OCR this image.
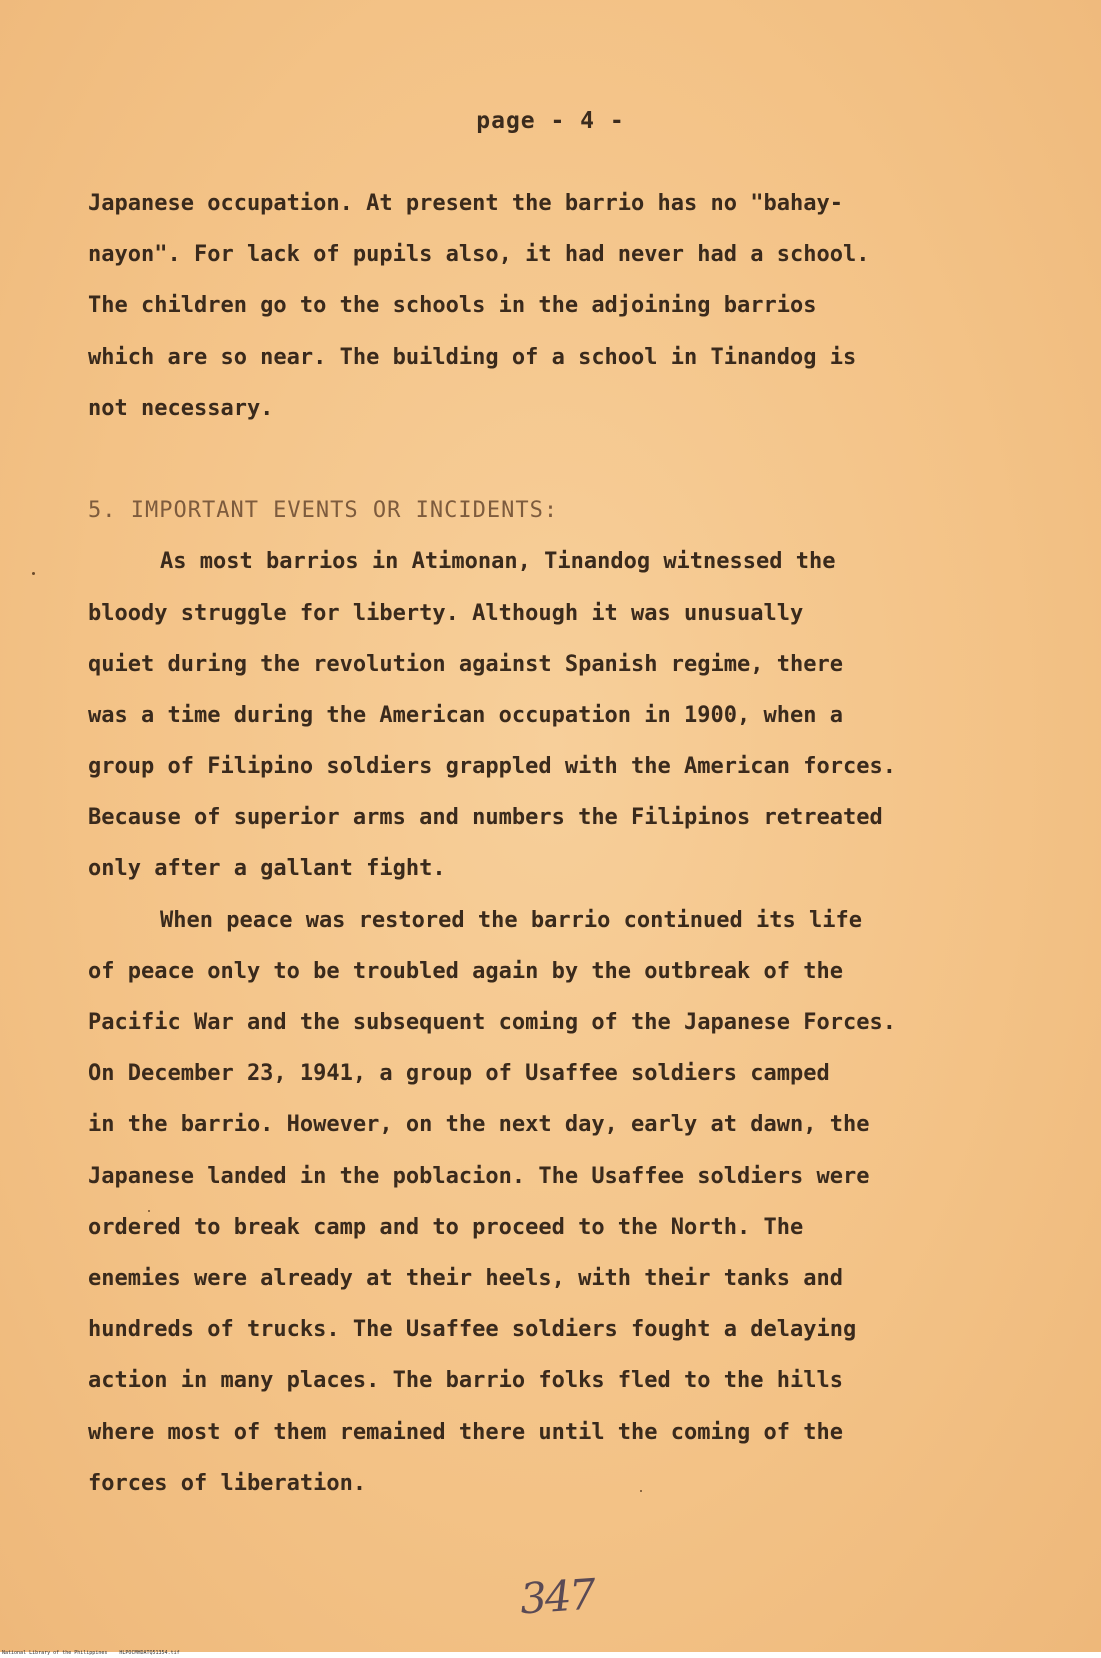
page - 4 -
Japanese occupation. At present the barrio has no "bahay-
nayon". For lack of pupils also, it had never had a school.
The children go to the schools in the adjoining barrios
which are so near. The building of a school in Tinandog is
not necessary.
5. IMPORTANT EVENTS OR INCIDENTS:
As most barrios in Atimonan, Tinandog witnessed the
bloody struggle for liberty. Although it was unusually
quiet during the revolution against Spanish regime, there
was a time during the American occupation in 1900, when a
group of Filipino soldiers grappled with the American forces.
Because of superior arms and numbers the Filipinos retreated
only after a gallant fight.
When peace was restored the barrio continued its life
of peace only to be troubled again by the outbreak of the
Pacific War and the subsequent coming of the Japanese Forces.
On December 23, 1941, a group of Usaffee soldiers camped
in the barrio. However, on the next day, early at dawn, the
Japanese landed in the poblacion. The Usaffee soldiers were
ordered to break camp and to proceed to the North. The
enemies were already at their heels, with their tanks and
hundreds of trucks. The Usaffee soldiers fought a delaying
action in many places. The barrio folks fled to the hills
where most of them remained there until the coming of the
forces of liberation.
347
National Library of the Philippines    HLPOCMHDATQ51354.tif
